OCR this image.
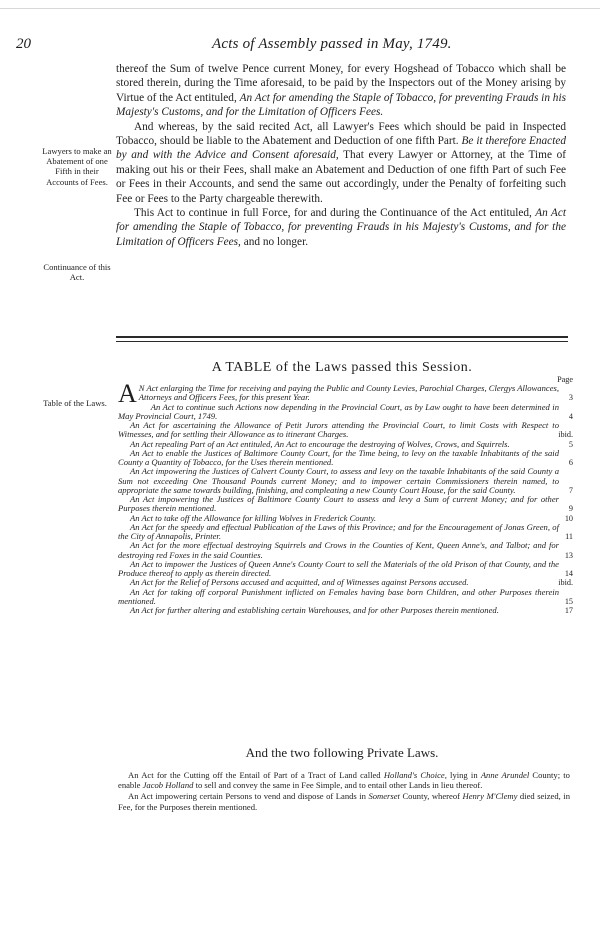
20	Acts of Assembly passed in May, 1749.

thereof the Sum of twelve Pence current Money, for every Hogshead of Tobacco which shall be stored therein, during the Time aforesaid, to be paid by the Inspectors out of the Money arising by Virtue of the Act entituled, An Act for amending the Staple of Tobacco, for preventing Frauds in his Majesty's Customs, and for the Limitation of Officers Fees.

And whereas, by the said recited Act, all Lawyer's Fees which should be paid in Inspected Tobacco, should be liable to the Abatement and Deduction of one fifth Part. Be it therefore Enacted by and with the Advice and Consent aforesaid, That every Lawyer or Attorney, at the Time of making out his or their Fees, shall make an Abatement and Deduction of one fifth Part of such Fee or Fees in their Accounts, and send the same out accordingly, under the Penalty of forfeiting such Fee or Fees to the Party chargeable therewith.

This Act to continue in full Force, for and during the Continuance of the Act entituled, An Act for amending the Staple of Tobacco, for preventing Frauds in his Majesty's Customs, and for the Limitation of Officers Fees, and no longer.

Lawyers to make an Abatement of one Fifth in their Accounts of Fees.
Continuance of this Act.
Table of the Laws.
A TABLE of the Laws passed this Session.
A	Page
N Act enlarging the Time for receiving and paying the Public and County Levies, Parochial Charges, Clergys Allowances, Attorneys and Officers Fees, for this present Year.	3
An Act to continue such Actions now depending in the Provincial Court, as by Law ought to have been determined in May Provincial Court, 1749.	4
An Act for ascertaining the Allowance of Petit Jurors attending the Provincial Court, to limit Costs with Respect to Witnesses, and for settling their Allowance as to itinerant Charges.	ibid.
An Act repealing Part of an Act entituled, An Act to encourage the destroying of Wolves, Crows, and Squirrels.	5
An Act to enable the Justices of Baltimore County Court, for the Time being, to levy on the taxable Inhabitants of the said County a Quantity of Tobacco, for the Uses therein mentioned.	6
An Act impowering the Justices of Calvert County Court, to assess and levy on the taxable Inhabitants of the said County a Sum not exceeding One Thousand Pounds current Money; and to impower certain Commissioners therein named, to appropriate the same towards building, finishing, and compleating a new County Court House, for the said County.	7
An Act impowering the Justices of Baltimore County Court to assess and levy a Sum of current Money; and for other Purposes therein mentioned.	9
An Act to take off the Allowance for killing Wolves in Frederick County.	10
An Act for the speedy and effectual Publication of the Laws of this Province; and for the Encouragement of Jonas Green, of the City of Annapolis, Printer.	11
An Act for the more effectual destroying Squirrels and Crows in the Counties of Kent, Queen Anne's, and Talbot; and for destroying red Foxes in the said Counties.	13
An Act to impower the Justices of Queen Anne's County Court to sell the Materials of the old Prison of that County, and the Produce thereof to apply as therein directed.	14
An Act for the Relief of Persons accused and acquitted, and of Witnesses against Persons accused.	ibid.
An Act for taking off corporal Punishment inflicted on Females having base born Children, and other Purposes therein mentioned.	15
An Act for further altering and establishing certain Warehouses, and for other Purposes therein mentioned.	17
And the two following Private Laws.

An Act for the Cutting off the Entail of Part of a Tract of Land called Holland's Choice, lying in Anne Arundel County; to enable Jacob Holland to sell and convey the same in Fee Simple, and to entail other Lands in lieu thereof.

An Act impowering certain Persons to vend and dispose of Lands in Somerset County, whereof Henry M'Clemy died seized, in Fee, for the Purposes therein mentioned.
